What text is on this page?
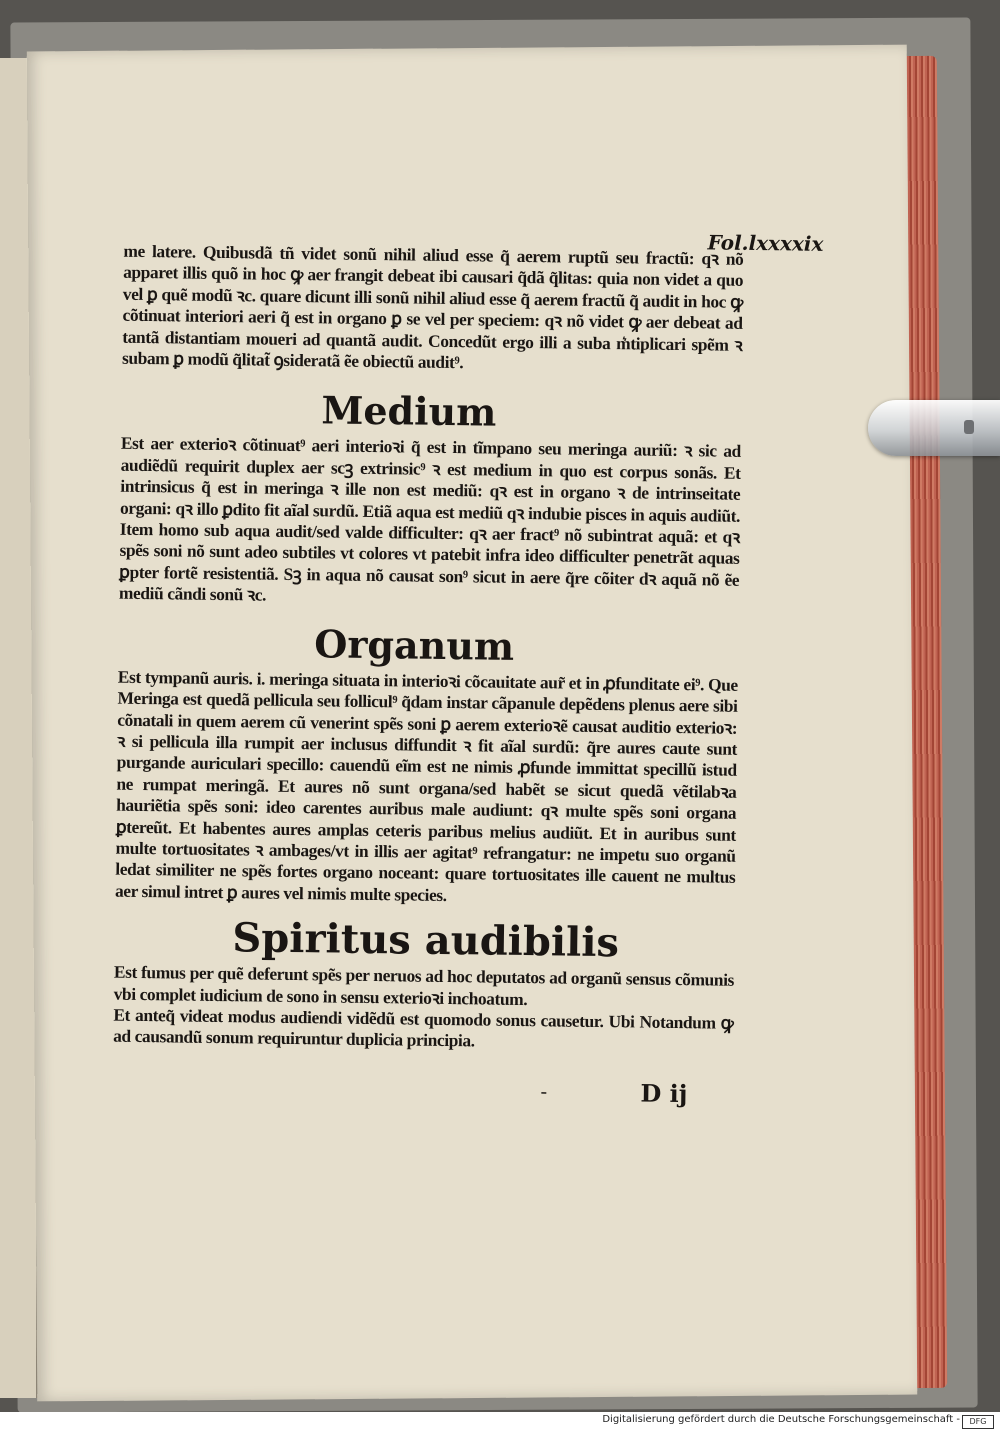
Fol.lxxxxix

me latere. Quibusdã tñ videt sonũ nihil aliud esse q̃ aerem ruptũ seu fractũ: qꝛ nõ apparet illis quõ in hoc ꝙ aer frangit debeat ibi causari q̃dã q̃litas: quia non videt a quo vel ꝑ quẽ modũ ꝛc. quare dicunt illi sonũ nihil aliud esse q̃ aerem fractũ q̃ audit in hoc ꝙ cõtinuat interiori aeri q̃ est in organo ꝑ se vel per speciem: qꝛ nõ videt ꝙ aer debeat ad tantã distantiam moueri ad quantã audit. Concedũt ergo illi a suba m͛tiplicari spẽm ꝛ subam ꝑ modũ q̃litat̃ ꝯsideratã ẽe obiectũ audit⁹.

Medium

Est aer exterioꝛ cõtinuat⁹ aeri interioꝛi q̃ est in tĩmpano seu meringa auriũ: ꝛ sic ad audiẽdũ requirit duplex aer scꝫ extrinsic⁹ ꝛ est medium in quo est corpus sonãs. Et intrinsicus q̃ est in meringa ꝛ ille non est mediũ: qꝛ est in organo ꝛ de intrinseitate organi: qꝛ illo ꝑdito fit aĩal surdũ. Etiã aqua est mediũ qꝛ indubie pisces in aquis audiũt. Item homo sub aqua audit/sed valde difficulter: qꝛ aer fract⁹ nõ subintrat aquã: et qꝛ spẽs soni nõ sunt adeo subtiles vt colores vt patebit infra ideo difficulter penetrãt aquas ꝑpter fortẽ resistentiã. Sꝫ in aqua nõ causat son⁹ sicut in aere q̃re cõiter dꝛ aquã nõ ẽe mediũ cãndi sonũ ꝛc.

Organum

Est tympanũ auris. i. meringa situata in interioꝛi cõcauitate aur̃ et in ꝓfunditate ei⁹. Que Meringa est quedã pellicula seu follicul⁹ q̃dam instar cãpanule depẽdens plenus aere sibi cõnatali in quem aerem cũ venerint spẽs soni ꝑ aerem exterioꝛẽ causat auditio exterioꝛ: ꝛ si pellicula illa rumpit aer inclusus diffundit ꝛ fit aĩal surdũ: q̃re aures caute sunt purgande auriculari specillo: cauendũ eĩm est ne nimis ꝓfunde immittat specillũ istud ne rumpat meringã. Et aures nõ sunt organa/sed habẽt se sicut quedã vẽtilabꝛa hauriẽtia spẽs soni: ideo carentes auribus male audiunt: qꝛ multe spẽs soni organa ꝑtereũt. Et habentes aures amplas ceteris paribus melius audiũt. Et in auribus sunt multe tortuositates ꝛ ambages/vt in illis aer agitat⁹ refrangatur: ne impetu suo organũ ledat similiter ne spẽs fortes organo noceant: quare tortuositates ille cauent ne multus aer simul intret ꝑ aures vel nimis multe species.

Spiritus audibilis

Est fumus per quẽ deferunt spẽs per neruos ad hoc deputatos ad organũ sensus cõmunis vbi complet iudicium de sono in sensu exterioꝛi inchoatum.

Et anteq̃ videat modus audiendi vidẽdũ est quomodo sonus causetur. Ubi Notandum ꝙ ad causandũ sonum requiruntur duplicia principia.

-	D ij
Digitalisierung gefördert durch die Deutsche Forschungsgemeinschaft -	DFG
